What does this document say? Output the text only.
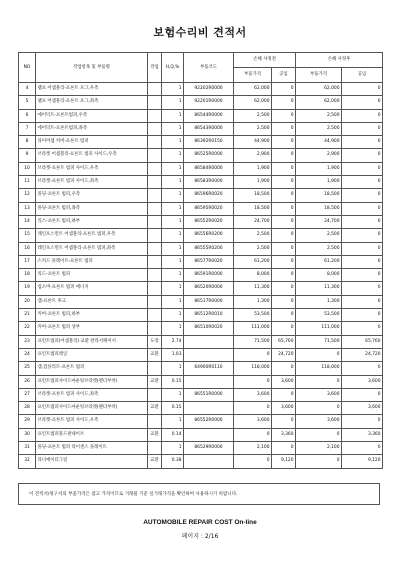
보험수리비 견적서
NO	작업항목 및 부품명	작업	H,Q,%	부품코드	손해 사정전		손해 사정후	
					부품가격	공임	부품가격	공임
4	램프 어셈블리-프론트 포그,우측		1	92202R0000	62,000	0	62,000	0
5	램프 어셈블리-프론트 포그,좌측		1	92201R0000	62,000	0	62,000	0
6	에어덕트-프론트범퍼,우측		1	86544R0000	2,500	0	2,500	0
7	에어덕트-프론트범퍼,좌측		1	86543R0000	2,500	0	2,500	0
8	라이어셈 커버-프론트 범퍼		1	86392R0150	44,900	0	44,900	0
9	브라켓 어셈블리-프론트 범퍼 사이드,우측		1	86525R0000	2,900	0	2,900	0
10	브라켓-프론트 범퍼 사이드,우측		1	86584R0000	1,900	0	1,900	0
11	브라켓-프론트 범퍼 사이드,좌측		1	86583R0000	1,900	0	1,900	0
12	몰딩-프론트 범퍼,우측		1	86596R0020	18,500	0	18,500	0
13	몰딩-프론트 범퍼,좌측		1	86595R0020	18,500	0	18,500	0
14	리스-프론트 범퍼,하부		1	86552R0020	24,700	0	24,700	0
15	레인포스먼트 어셈블리-프론트 범퍼,우측		1	86556R0200	2,500	0	2,500	0
16	레인포스먼트 어셈블리-프론트 범퍼,좌측		1	86555R0200	2,500	0	2,500	0
17	스커드 플레이트-프론트 범퍼		1	86577R0020	61,200	0	61,200	0
18	리드-프론트 범퍼		1	86591R0000	8,000	0	8,000	0
19	업소버-프론트 범퍼 에너지		1	86520R0000	11,300	0	11,300	0
20	캡-프론트 후크		1	86517R0000	1,300	0	1,300	0
21	커버-프론트 범퍼,하부		1	86512R0010	53,500	0	53,500	0
22	커버-프론트 범퍼 상부		1	86510R0020	111,000	0	111,000	0
23	프런트범퍼(어셈블리) 교환 칼라서페이서	도장	2.74		71,500	65,760	71,500	65,760
24	프런트범퍼레일	교환	1.03		0	24,720	0	24,720
25	캡,컴플리트-프론트 범퍼		1	64900R0110	118,000	0	118,000	0
26	프런트범퍼사이드마운팅브라켓(펜더부착)	교환	0.15		0	3,600	0	3,600
27	브라켓-프론트 범퍼 사이드,좌측		1	86551R0000	3,600	0	3,600	0
28	프런트범퍼사이드마운팅브라켓(펜더부착)	교환	0.15		0	3,600	0	3,600
29	브라켓-프론트 범퍼 사이드,우측		1	86552R0000	3,600	0	3,600	0
30	프런트범퍼몰드판네이브	교환	0.14		0	3,360	0	3,360
31	몰딩-프론트 범퍼 라이센스 플레이트		1	86529R0000	2,100	0	2,100	0
32	라디에이터그릴	교환	0.38		0	9,120	0	9,120
이 견적서/청구서의 부품가격은 참고 가격이므로 거래될 기준 실거래가격을 확인하여 사용하시기 바랍니다.
AUTOMOBILE REPAIR COST On-line
페이지 : 2/16
